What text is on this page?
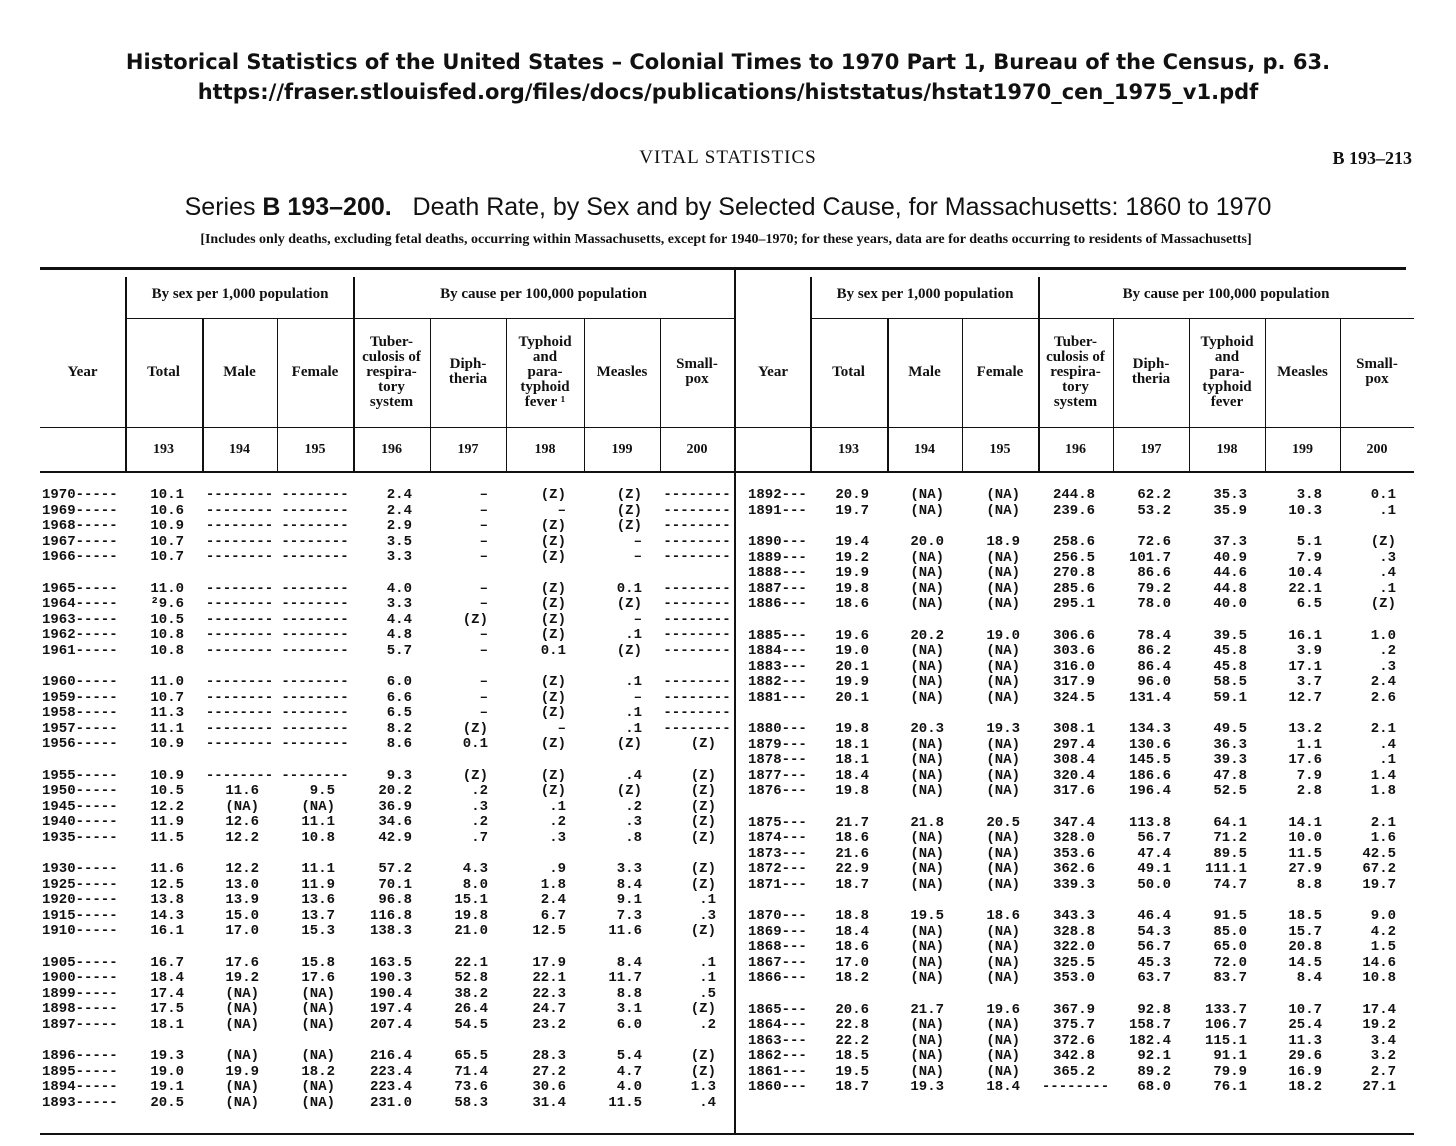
Historical Statistics of the United States – Colonial Times to 1970 Part 1, Bureau of the Census, p. 63.
https://fraser.stlouisfed.org/files/docs/publications/histstatus/hstat1970_cen_1975_v1.pdf
VITAL STATISTICS	B 193–213
Series B 193–200.   Death Rate, by Sex and by Selected Cause, for Massachusetts: 1860 to 1970
[Includes only deaths, excluding fetal deaths, occurring within Massachusetts, except for 1940–1970; for these years, data are for deaths occurring to residents of Massachusetts]
1970-----	10.1	--------	--------	2.4	–	(Z)	(Z)	--------
1969-----	10.6	--------	--------	2.4	–	–	(Z)	--------
1968-----	10.9	--------	--------	2.9	–	(Z)	(Z)	--------
1967-----	10.7	--------	--------	3.5	–	(Z)	–	--------
1966-----	10.7	--------	--------	3.3	–	(Z)	–	--------

1965-----	11.0	--------	--------	4.0	–	(Z)	0.1	--------
1964-----	²9.6	--------	--------	3.3	–	(Z)	(Z)	--------
1963-----	10.5	--------	--------	4.4	(Z)	(Z)	–	--------
1962-----	10.8	--------	--------	4.8	–	(Z)	.1	--------
1961-----	10.8	--------	--------	5.7	–	0.1	(Z)	--------

1960-----	11.0	--------	--------	6.0	–	(Z)	.1	--------
1959-----	10.7	--------	--------	6.6	–	(Z)	–	--------
1958-----	11.3	--------	--------	6.5	–	(Z)	.1	--------
1957-----	11.1	--------	--------	8.2	(Z)	–	.1	--------
1956-----	10.9	--------	--------	8.6	0.1	(Z)	(Z)	(Z)

1955-----	10.9	--------	--------	9.3	(Z)	(Z)	.4	(Z)
1950-----	10.5	11.6	9.5	20.2	.2	(Z)	(Z)	(Z)
1945-----	12.2	(NA)	(NA)	36.9	.3	.1	.2	(Z)
1940-----	11.9	12.6	11.1	34.6	.2	.2	.3	(Z)
1935-----	11.5	12.2	10.8	42.9	.7	.3	.8	(Z)

1930-----	11.6	12.2	11.1	57.2	4.3	.9	3.3	(Z)
1925-----	12.5	13.0	11.9	70.1	8.0	1.8	8.4	(Z)
1920-----	13.8	13.9	13.6	96.8	15.1	2.4	9.1	.1
1915-----	14.3	15.0	13.7	116.8	19.8	6.7	7.3	.3
1910-----	16.1	17.0	15.3	138.3	21.0	12.5	11.6	(Z)

1905-----	16.7	17.6	15.8	163.5	22.1	17.9	8.4	.1
1900-----	18.4	19.2	17.6	190.3	52.8	22.1	11.7	.1
1899-----	17.4	(NA)	(NA)	190.4	38.2	22.3	8.8	.5
1898-----	17.5	(NA)	(NA)	197.4	26.4	24.7	3.1	(Z)
1897-----	18.1	(NA)	(NA)	207.4	54.5	23.2	6.0	.2

1896-----	19.3	(NA)	(NA)	216.4	65.5	28.3	5.4	(Z)
1895-----	19.0	19.9	18.2	223.4	71.4	27.2	4.7	(Z)
1894-----	19.1	(NA)	(NA)	223.4	73.6	30.6	4.0	1.3
1893-----	20.5	(NA)	(NA)	231.0	58.3	31.4	11.5	.4
1892---	20.9	(NA)	(NA)	244.8	62.2	35.3	3.8	0.1
1891---	19.7	(NA)	(NA)	239.6	53.2	35.9	10.3	.1

1890---	19.4	20.0	18.9	258.6	72.6	37.3	5.1	(Z)
1889---	19.2	(NA)	(NA)	256.5	101.7	40.9	7.9	.3
1888---	19.9	(NA)	(NA)	270.8	86.6	44.6	10.4	.4
1887---	19.8	(NA)	(NA)	285.6	79.2	44.8	22.1	.1
1886---	18.6	(NA)	(NA)	295.1	78.0	40.0	6.5	(Z)

1885---	19.6	20.2	19.0	306.6	78.4	39.5	16.1	1.0
1884---	19.0	(NA)	(NA)	303.6	86.2	45.8	3.9	.2
1883---	20.1	(NA)	(NA)	316.0	86.4	45.8	17.1	.3
1882---	19.9	(NA)	(NA)	317.9	96.0	58.5	3.7	2.4
1881---	20.1	(NA)	(NA)	324.5	131.4	59.1	12.7	2.6

1880---	19.8	20.3	19.3	308.1	134.3	49.5	13.2	2.1
1879---	18.1	(NA)	(NA)	297.4	130.6	36.3	1.1	.4
1878---	18.1	(NA)	(NA)	308.4	145.5	39.3	17.6	.1
1877---	18.4	(NA)	(NA)	320.4	186.6	47.8	7.9	1.4
1876---	19.8	(NA)	(NA)	317.6	196.4	52.5	2.8	1.8

1875---	21.7	21.8	20.5	347.4	113.8	64.1	14.1	2.1
1874---	18.6	(NA)	(NA)	328.0	56.7	71.2	10.0	1.6
1873---	21.6	(NA)	(NA)	353.6	47.4	89.5	11.5	42.5
1872---	22.9	(NA)	(NA)	362.6	49.1	111.1	27.9	67.2
1871---	18.7	(NA)	(NA)	339.3	50.0	74.7	8.8	19.7

1870---	18.8	19.5	18.6	343.3	46.4	91.5	18.5	9.0
1869---	18.4	(NA)	(NA)	328.8	54.3	85.0	15.7	4.2
1868---	18.6	(NA)	(NA)	322.0	56.7	65.0	20.8	1.5
1867---	17.0	(NA)	(NA)	325.5	45.3	72.0	14.5	14.6
1866---	18.2	(NA)	(NA)	353.0	63.7	83.7	8.4	10.8

1865---	20.6	21.7	19.6	367.9	92.8	133.7	10.7	17.4
1864---	22.8	(NA)	(NA)	375.7	158.7	106.7	25.4	19.2
1863---	22.2	(NA)	(NA)	372.6	182.4	115.1	11.3	3.4
1862---	18.5	(NA)	(NA)	342.8	92.1	91.1	29.6	3.2
1861---	19.5	(NA)	(NA)	365.2	89.2	79.9	16.9	2.7
1860---	18.7	19.3	18.4	--------	68.0	76.1	18.2	27.1
By sex per 1,000 population	By cause per 100,000 population
Year	Total	Male	Female
Tuber-
culosis of
respira-
tory
system
Diph-
theria
Typhoid
and
para-
typhoid
fever ¹
Measles	Small-
pox
193	194	195	196	197	198	199	200
By sex per 1,000 population	By cause per 100,000 population
Year	Total	Male	Female
Tuber-
culosis of
respira-
tory
system
Diph-
theria
Typhoid
and
para-
typhoid
fever
Measles	Small-
pox
193	194	195	196	197	198	199	200
